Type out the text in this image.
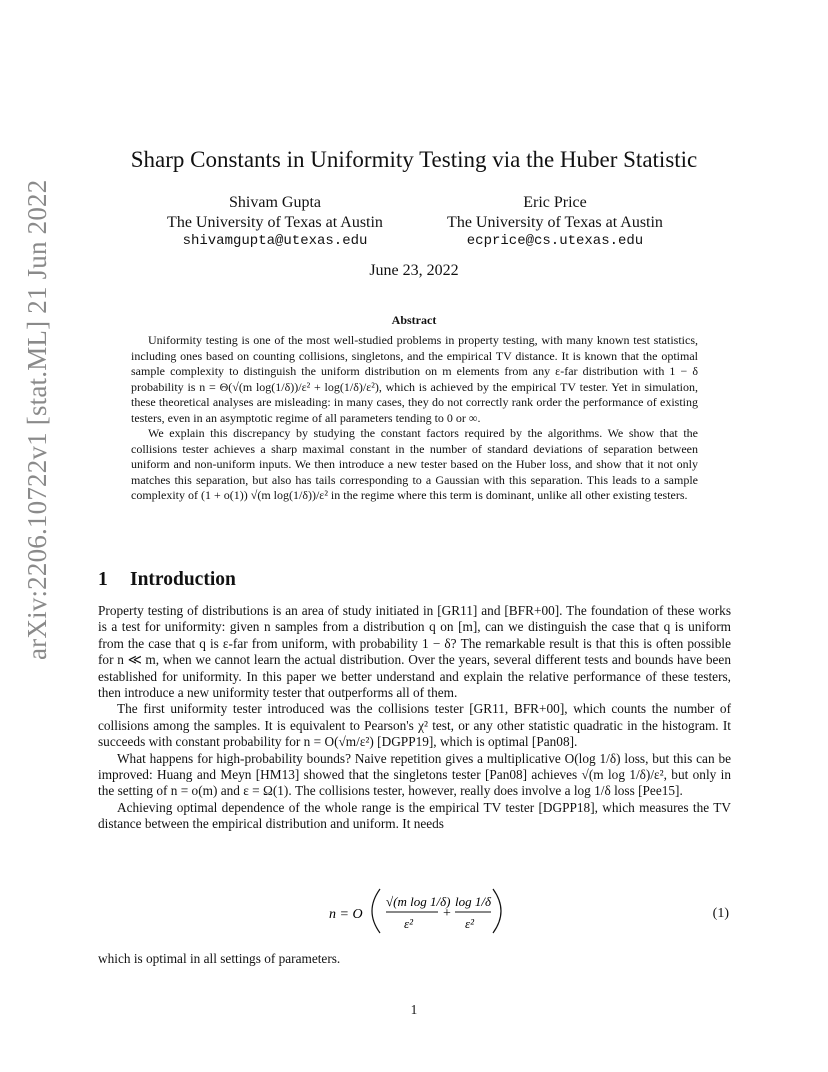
arXiv:2206.10722v1 [stat.ML] 21 Jun 2022
Sharp Constants in Uniformity Testing via the Huber Statistic
Shivam Gupta
The University of Texas at Austin
shivamgupta@utexas.edu
Eric Price
The University of Texas at Austin
ecprice@cs.utexas.edu
June 23, 2022
Abstract

Uniformity testing is one of the most well-studied problems in property testing, with many known test statistics, including ones based on counting collisions, singletons, and the empirical TV distance. It is known that the optimal sample complexity to distinguish the uniform distribution on m elements from any ε-far distribution with 1 − δ probability is n = Θ(√(m log(1/δ))/ε² + log(1/δ)/ε²), which is achieved by the empirical TV tester. Yet in simulation, these theoretical analyses are misleading: in many cases, they do not correctly rank order the performance of existing testers, even in an asymptotic regime of all parameters tending to 0 or ∞.

We explain this discrepancy by studying the constant factors required by the algorithms. We show that the collisions tester achieves a sharp maximal constant in the number of standard deviations of separation between uniform and non-uniform inputs. We then introduce a new tester based on the Huber loss, and show that it not only matches this separation, but also has tails corresponding to a Gaussian with this separation. This leads to a sample complexity of (1 + o(1)) √(m log(1/δ))/ε² in the regime where this term is dominant, unlike all other existing testers.

1 Introduction

Property testing of distributions is an area of study initiated in [GR11] and [BFR+00]. The foundation of these works is a test for uniformity: given n samples from a distribution q on [m], can we distinguish the case that q is uniform from the case that q is ε-far from uniform, with probability 1 − δ? The remarkable result is that this is often possible for n ≪ m, when we cannot learn the actual distribution. Over the years, several different tests and bounds have been established for uniformity. In this paper we better understand and explain the relative performance of these testers, then introduce a new uniformity tester that outperforms all of them.

The first uniformity tester introduced was the collisions tester [GR11, BFR+00], which counts the number of collisions among the samples. It is equivalent to Pearson's χ² test, or any other statistic quadratic in the histogram. It succeeds with constant probability for n = O(√m/ε²) [DGPP19], which is optimal [Pan08].

What happens for high-probability bounds? Naive repetition gives a multiplicative O(log 1/δ) loss, but this can be improved: Huang and Meyn [HM13] showed that the singletons tester [Pan08] achieves √(m log 1/δ)/ε², but only in the setting of n = o(m) and ε = Ω(1). The collisions tester, however, really does involve a log 1/δ loss [Pee15].

Achieving optimal dependence of the whole range is the empirical TV tester [DGPP18], which measures the TV distance between the empirical distribution and uniform. It needs

n = O
√(m log 1/δ)
ε²
+
log 1/δ
ε²
(1)
which is optimal in all settings of parameters.
1
